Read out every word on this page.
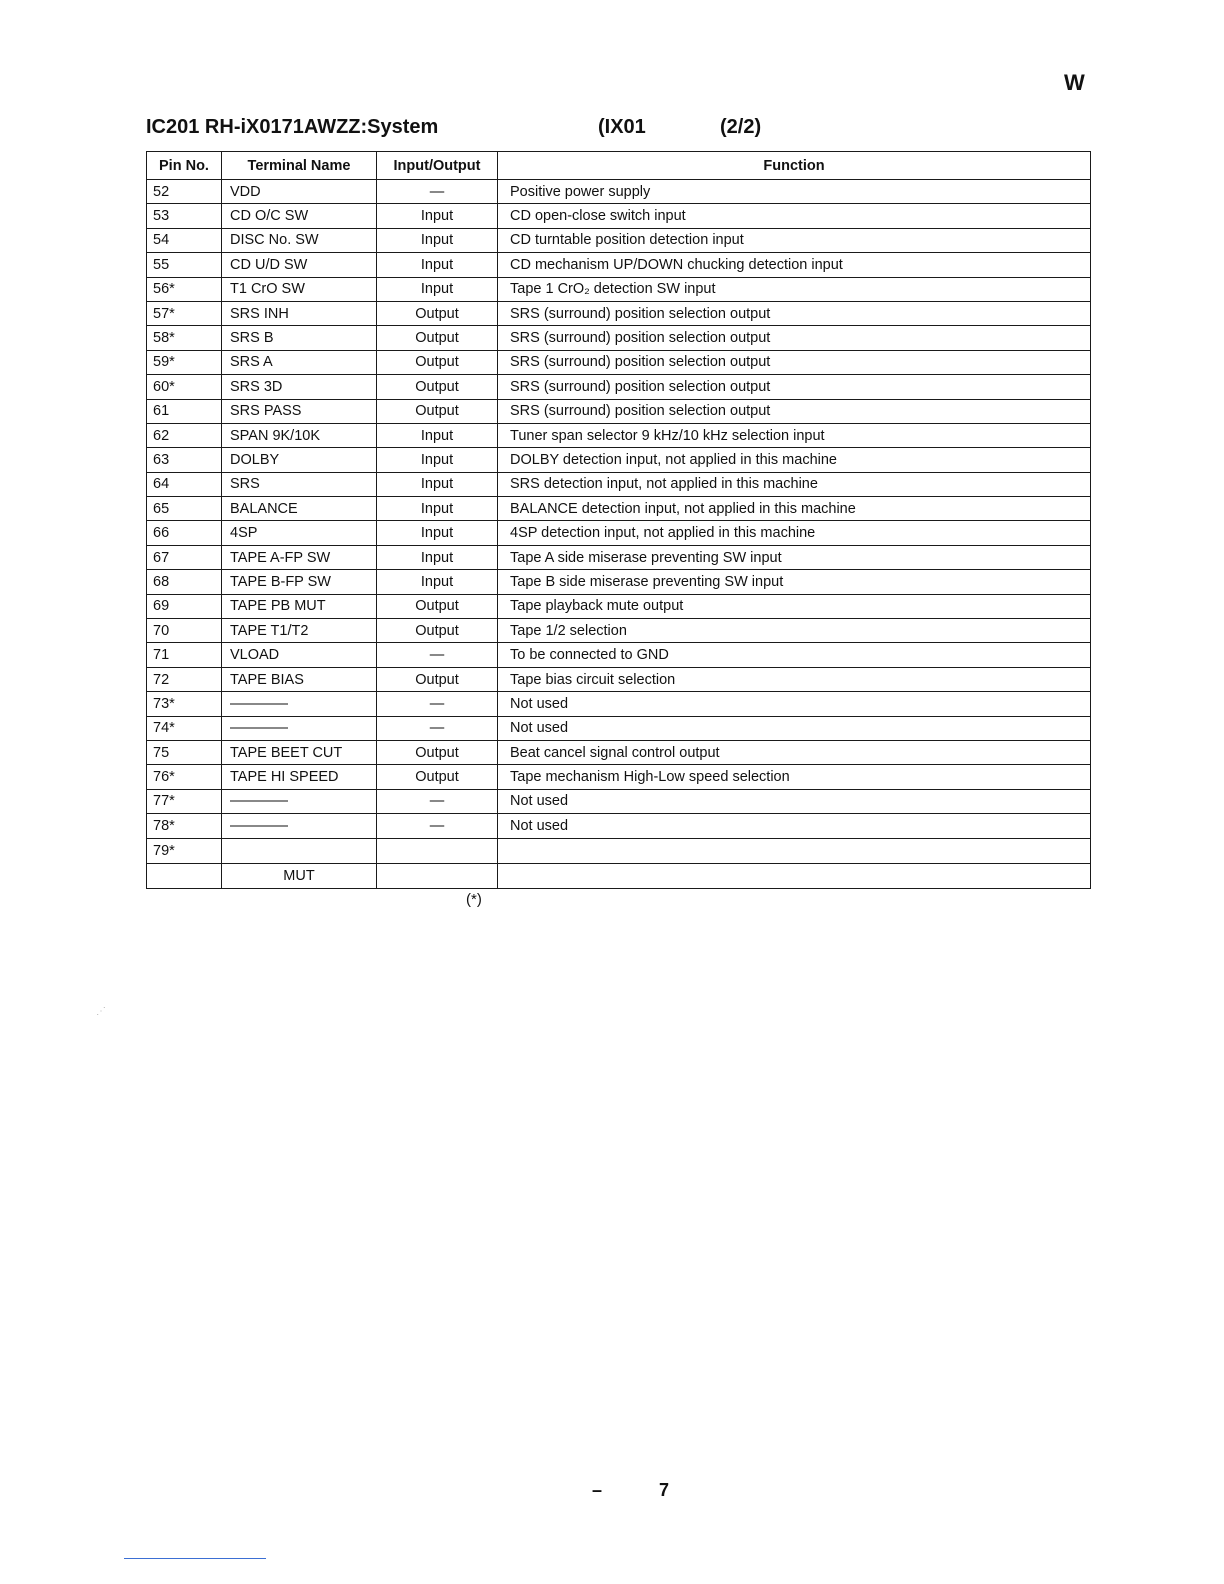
W
IC201 RH-iX0171AWZZ:System	(IX01	(2/2)
Pin No.	Terminal Name	Input/Output	Function
52	VDD	—	Positive power supply
53	CD O/C SW	Input	CD open-close switch input
54	DISC No. SW	Input	CD turntable position detection input
55	CD U/D SW	Input	CD mechanism UP/DOWN chucking detection input
56*	T1 CrO SW	Input	Tape 1 CrO₂ detection SW input
57*	SRS INH	Output	SRS (surround) position selection output
58*	SRS B	Output	SRS (surround) position selection output
59*	SRS A	Output	SRS (surround) position selection output
60*	SRS 3D	Output	SRS (surround) position selection output
61	SRS PASS	Output	SRS (surround) position selection output
62	SPAN 9K/10K	Input	Tuner span selector 9 kHz/10 kHz selection input
63	DOLBY	Input	DOLBY detection input, not applied in this machine
64	SRS	Input	SRS detection input, not applied in this machine
65	BALANCE	Input	BALANCE detection input, not applied in this machine
66	4SP	Input	4SP detection input, not applied in this machine
67	TAPE A-FP SW	Input	Tape A side miserase preventing SW input
68	TAPE B-FP SW	Input	Tape B side miserase preventing SW input
69	TAPE PB MUT	Output	Tape playback mute output
70	TAPE T1/T2	Output	Tape 1/2 selection
71	VLOAD	—	To be connected to GND
72	TAPE BIAS	Output	Tape bias circuit selection
73*	————	—	Not used
74*	————	—	Not used
75	TAPE BEET CUT	Output	Beat cancel signal control output
76*	TAPE HI SPEED	Output	Tape mechanism High-Low speed selection
77*	————	—	Not used
78*	————	—	Not used
79*			
	MUT		
(*)
⋰
– 7
